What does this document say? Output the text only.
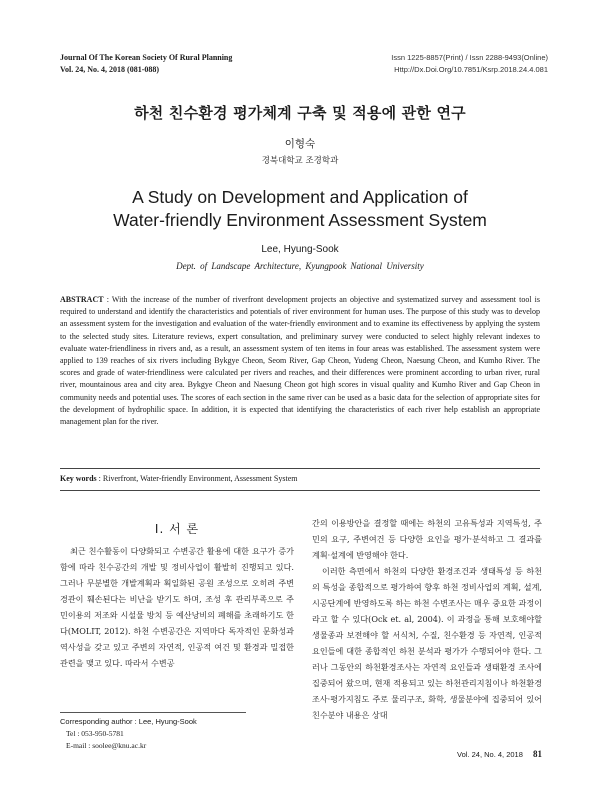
Journal Of The Korean Society Of Rural Planning
Vol. 24, No. 4, 2018 (081-088)
Issn 1225-8857(Print) / Issn 2288-9493(Online)
Http://Dx.Doi.Org/10.7851/Ksrp.2018.24.4.081
하천 친수환경 평가체계 구축 및 적용에 관한 연구
이형숙
경북대학교 조경학과
A Study on Development and Application of
Water-friendly Environment Assessment System
Lee, Hyung-Sook
Dept. of Landscape Architecture, Kyungpook National University
ABSTRACT : With the increase of the number of riverfront development projects an objective and systematized survey and assessment tool is required to understand and identify the characteristics and potentials of river environment for human uses. The purpose of this study was to develop an assessment system for the investigation and evaluation of the water-friendly environment and to examine its effectiveness by applying the system to the selected study sites. Literature reviews, expert consultation, and preliminary survey were conducted to select highly relevant indexes to evaluate water-friendliness in rivers and, as a result, an assessment system of ten items in four areas was established. The assessment system were applied to 139 reaches of six rivers including Bykgye Cheon, Seom River, Gap Cheon, Yudeng Cheon, Naesung Cheon, and Kumho River. The scores and grade of water-friendliness were calculated per rivers and reaches, and their differences were prominent according to urban river, rural river, mountainous area and city area. Bykgye Cheon and Naesung Cheon got high scores in visual quality and Kumho River and Gap Cheon in community needs and potential uses. The scores of each section in the same river can be used as a basic data for the selection of appropriate sites for the development of hydrophilic space. In addition, it is expected that identifying the characteristics of each river help establish an appropriate management plan for the river.
Key words : Riverfront, Water-friendly Environment, Assessment System
Ⅰ. 서 론

최근 친수활동이 다양화되고 수변공간 활용에 대한 요구가 증가함에 따라 친수공간의 개발 및 정비사업이 활발히 진행되고 있다. 그러나 무분별한 개발계획과 획일화된 공원 조성으로 오히려 주변경관이 훼손된다는 비난을 받기도 하며, 조성 후 관리부족으로 주민이용의 저조와 시설물 방치 등 예산낭비의 폐해를 초래하기도 한다(MOLIT, 2012). 하천 수변공간은 지역마다 독자적인 문화성과 역사성을 갖고 있고 주변의 자연적, 인공적 여건 및 환경과 밀접한 관련을 맺고 있다. 따라서 수변공

간의 이용방안을 결정할 때에는 하천의 고유특성과 지역특성, 주민의 요구, 주변여건 등 다양한 요인을 평가·분석하고 그 결과를 계획·설계에 반영해야 한다.

이러한 측면에서 하천의 다양한 환경조건과 생태특성 등 하천의 특성을 종합적으로 평가하여 향후 하천 정비사업의 계획, 설계, 시공단계에 반영하도록 하는 하천 수변조사는 매우 중요한 과정이라고 할 수 있다(Ock et. al, 2004). 이 과정을 통해 보호해야할 생물종과 보전해야 할 서식처, 수질, 친수환경 등 자연적, 인공적 요인들에 대한 종합적인 하천 분석과 평가가 수행되어야 한다. 그러나 그동안의 하천환경조사는 자연적 요인들과 생태환경 조사에 집중되어 왔으며, 현재 적용되고 있는 하천관리지침이나 하천환경 조사·평가지침도 주로 물리구조, 화학, 생물분야에 집중되어 있어 친수분야 내용은 상대

Corresponding author : Lee, Hyung-Sook
Tel : 053-950-5781
E-mail : soolee@knu.ac.kr
Vol. 24, No. 4, 2018 81
